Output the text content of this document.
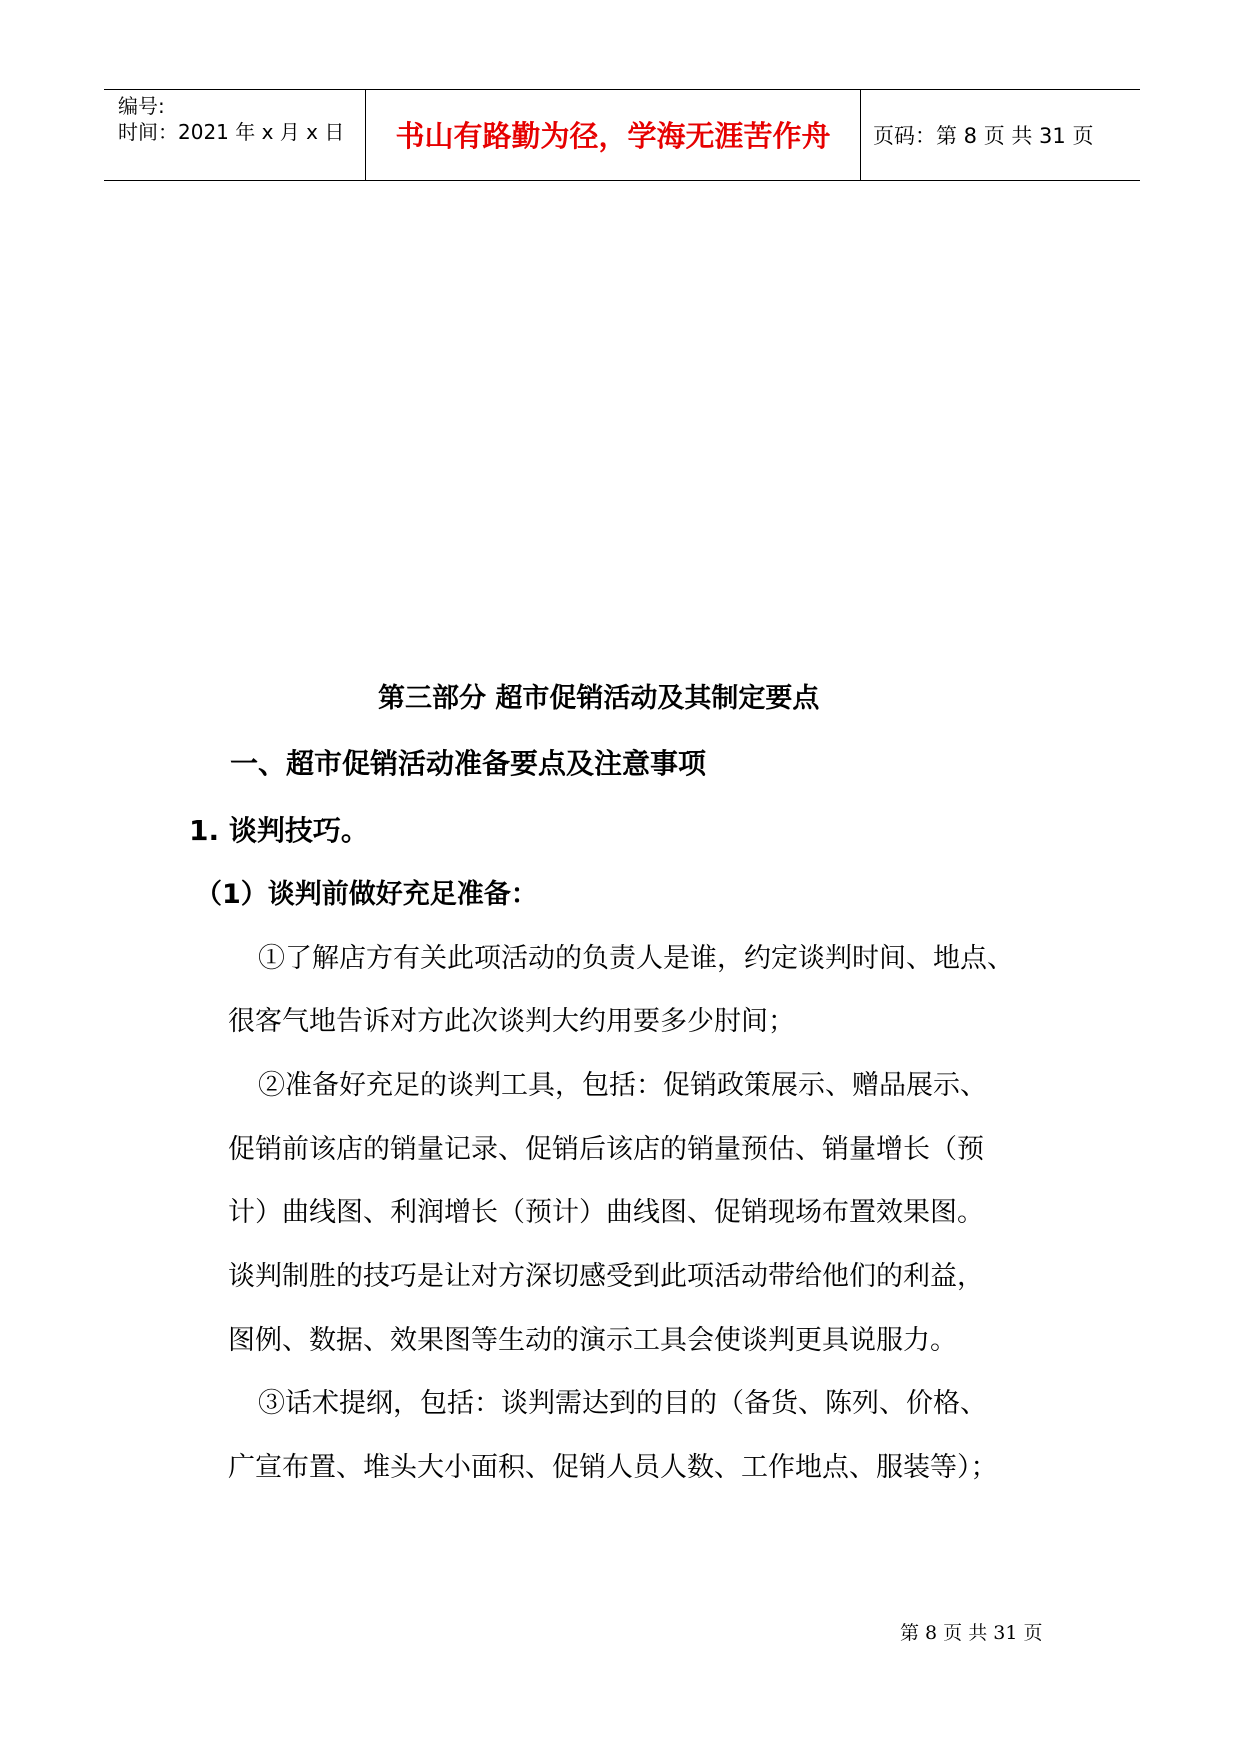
编号:
时间：2021 年 x 月 x 日	书山有路勤为径，学海无涯苦作舟	页码：第 8 页 共 31 页
第三部分 超市促销活动及其制定要点
一、超市促销活动准备要点及注意事项
1. 谈判技巧。
（1）谈判前做好充足准备：
①了解店方有关此项活动的负责人是谁，约定谈判时间、地点、
很客气地告诉对方此次谈判大约用要多少肘间；
②准备好充足的谈判工具，包括：促销政策展示、赠品展示、
促销前该店的销量记录、促销后该店的销量预估、销量增长（预
计）曲线图、利润增长（预计）曲线图、促销现场布置效果图。
谈判制胜的技巧是让对方深切感受到此项活动带给他们的利益，
图例、数据、效果图等生动的演示工具会使谈判更具说服力。
③话术提纲，包括：谈判需达到的目的（备货、陈列、价格、
广宣布置、堆头大小面积、促销人员人数、工作地点、服装等）；
第 8 页 共 31 页
